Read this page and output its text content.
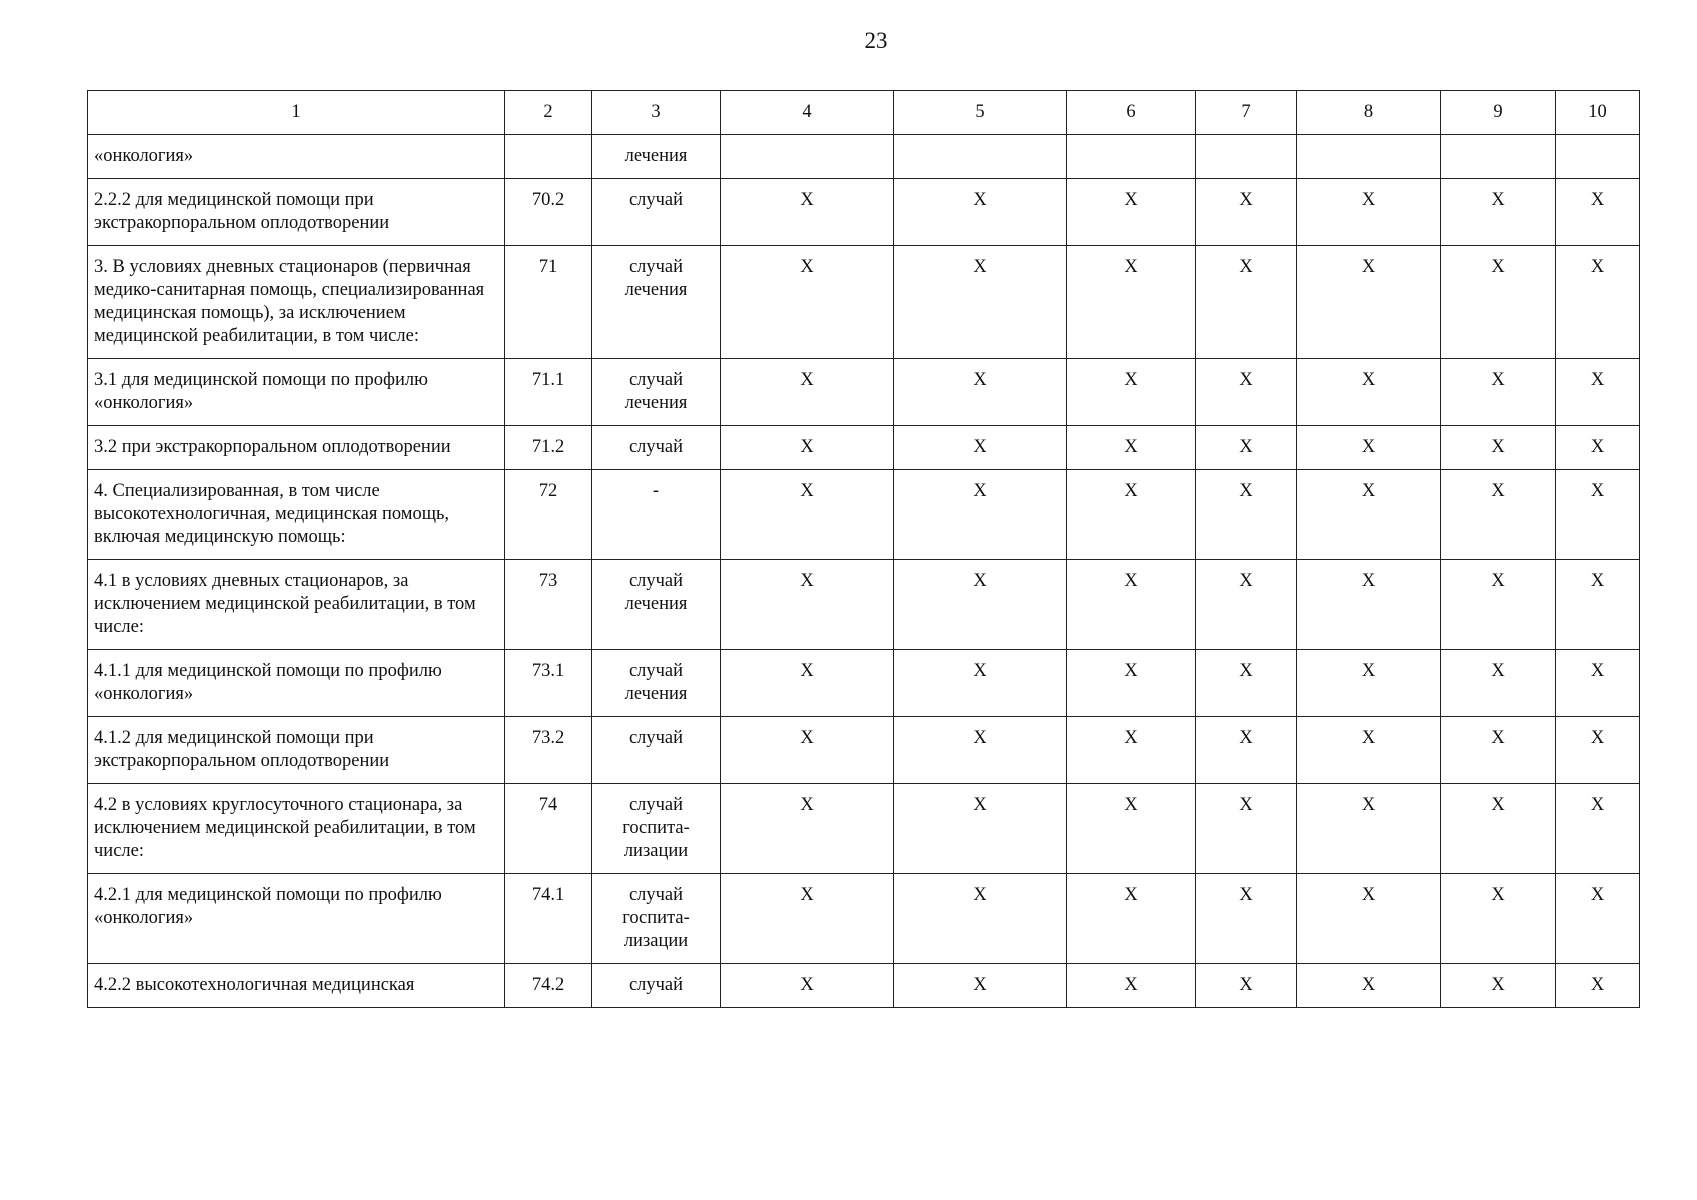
23
1	2	3	4	5	6	7	8	9	10
«онкология»		лечения							
2.2.2 для медицинской помощи при экстракорпоральном оплодотворении	70.2	случай	X	X	X	X	X	X	X
3. В условиях дневных стационаров (первичная медико-санитарная помощь, специализированная медицинская помощь), за исключением медицинской реабилитации, в том числе:	71	случай лечения	X	X	X	X	X	X	X
3.1 для медицинской помощи по профилю «онкология»	71.1	случай лечения	X	X	X	X	X	X	X
3.2 при экстракорпоральном оплодотворении	71.2	случай	X	X	X	X	X	X	X
4. Специализированная, в том числе высокотехнологичная, медицинская помощь, включая медицинскую помощь:	72	-	X	X	X	X	X	X	X
4.1 в условиях дневных стационаров, за исключением медицинской реабилитации, в том числе:	73	случай лечения	X	X	X	X	X	X	X
4.1.1 для медицинской помощи по профилю «онкология»	73.1	случай лечения	X	X	X	X	X	X	X
4.1.2 для медицинской помощи при экстракорпоральном оплодотворении	73.2	случай	X	X	X	X	X	X	X
4.2 в условиях круглосуточного стационара, за исключением медицинской реабилитации, в том числе:	74	случай госпита-лизации	X	X	X	X	X	X	X
4.2.1 для медицинской помощи по профилю «онкология»	74.1	случай госпита-лизации	X	X	X	X	X	X	X
4.2.2 высокотехнологичная медицинская	74.2	случай	X	X	X	X	X	X	X
